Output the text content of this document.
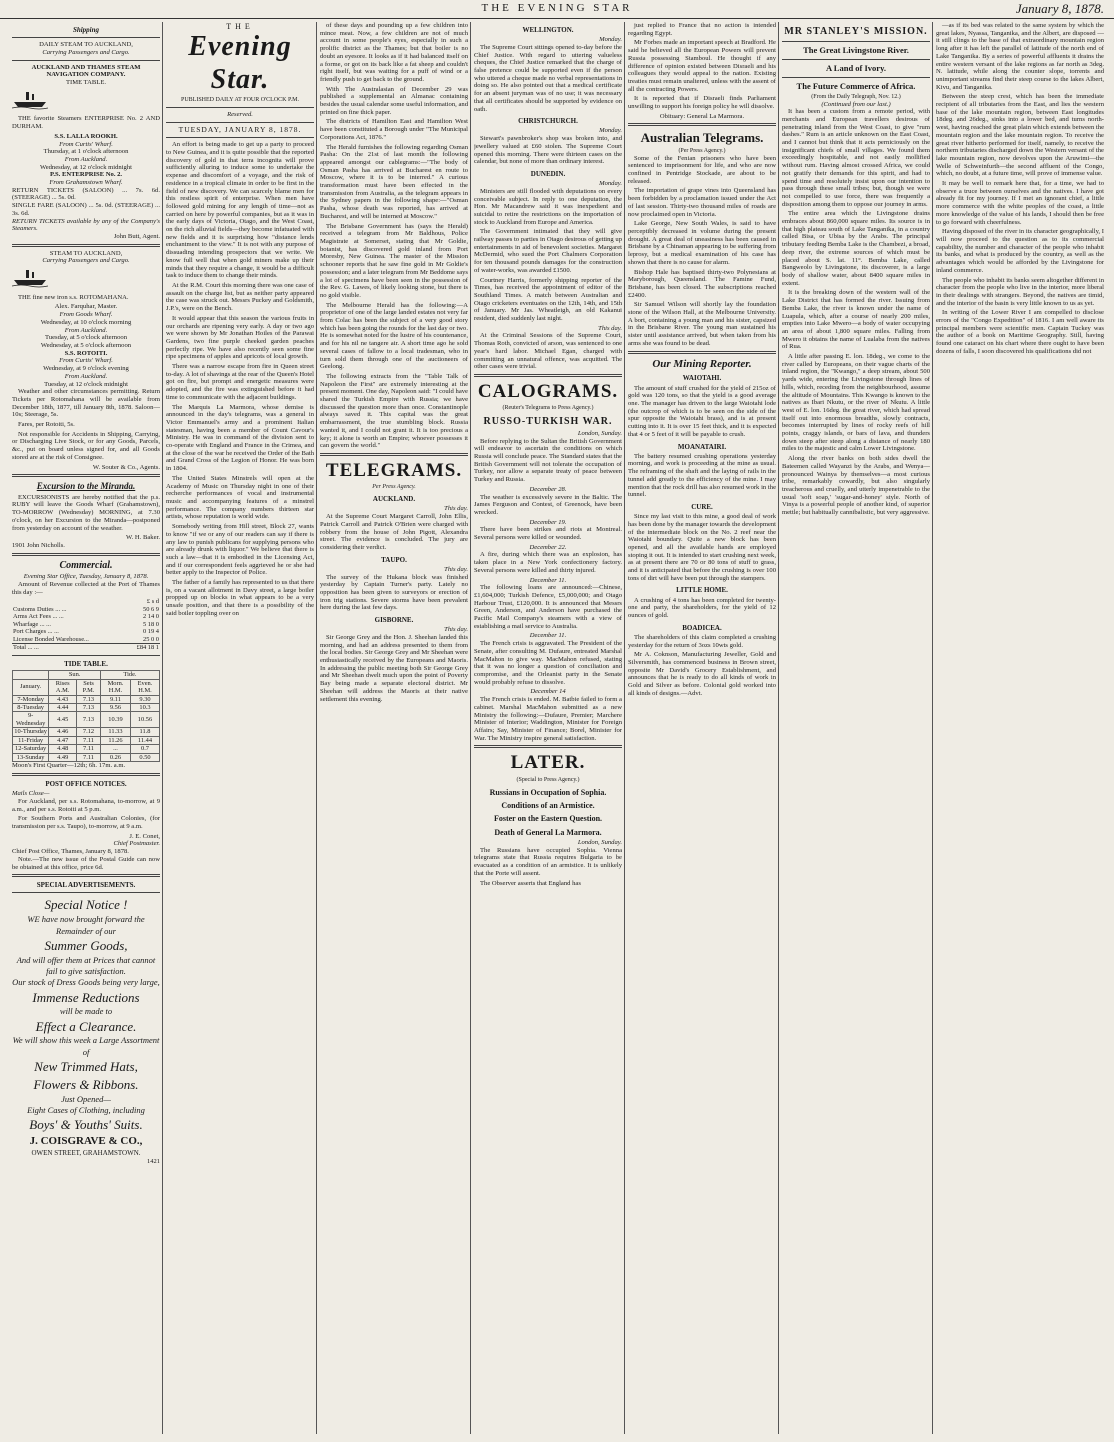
THE EVENING STAR	January 8, 1878.
Shipping
DAILY STEAM TO AUCKLAND,
Carrying Passengers and Cargo.
AUCKLAND AND THAMES STEAM NAVIGATION COMPANY.
TIME TABLE.

THE favorite Steamers ENTERPRISE No. 2 AND DURHAM.

S.S. LALLA ROOKH.
From Curtis' Wharf.
Thursday, at 1 o'clock afternoon
From Auckland.
Wednesday, at 12 o'clock midnight
P.S. ENTERPRISE No. 2.
From Grahamstown Wharf.
RETURN TICKETS (SALOON) ... 7s. 6d. (STEERAGE) ... 5s. 0d.
SINGLE FARE (SALOON) ... 5s. 0d. (STEERAGE) ... 3s. 6d.
RETURN TICKETS available by any of the Company's Steamers.
John Butt, Agent.
STEAM TO AUCKLAND,
Carrying Passengers and Cargo.

THE fine new iron s.s. ROTOMAHANA.

Alex. Farquhar, Master.
From Goods Wharf.
Wednesday, at 10 o'clock morning
From Auckland.
Tuesday, at 5 o'clock afternoon
Wednesday, at 5 o'clock afternoon
S.S. ROTOITI.
From Curtis' Wharf.
Wednesday, at 9 o'clock evening
From Auckland.
Tuesday, at 12 o'clock midnight

Weather and other circumstances permitting. Return Tickets per Rotomahana will be available from December 18th, 1877, till January 8th, 1878. Saloon—10s; Steerage, 5s.

Fares, per Rotoiti, 5s.

Not responsible for Accidents in Shipping, Carrying, or Discharging Live Stock, or for any Goods, Parcels, &c., put on board unless signed for, and all Goods stored are at the risk of Consignee.

W. Souter & Co., Agents.
Excursion to the Miranda.

EXCURSIONISTS are hereby notified that the p.s. RUBY will leave the Goods Wharf (Grahamstown), TO-MORROW (Wednesday) MORNING, at 7.30 o'clock, on her Excursion to the Miranda—postponed from yesterday on account of the weather.

W. H. Baker.
1901 John Nicholls.
Commercial.
Evening Star Office, Tuesday, January 8, 1878.

Amount of Revenue collected at the Port of Thames this day :—

	£ s d
Customs Duties ... ...	50 6 9
Arms Act Fees ... ...	2 14 0
Wharfage ... ...	5 18 0
Port Charges ... ...	0 19 4
License Bonded Warehouse...	25 0 0
Total ... ...	£84 18 1
TIDE TABLE.
	Sun.		Tide.	
January.	Rises A.M.	Sets P.M.	Morn. H.M.	Even. H.M.
7-Monday	4.43	7.13	9.11	9.30
8-Tuesday	4.44	7.13	9.56	10.3
9-Wednesday	4.45	7.13	10.39	10.56
10-Thursday	4.46	7.12	11.33	11.8
11-Friday	4.47	7.11	11.26	11.44
12-Saturday	4.48	7.11	...	0.7
13-Sunday	4.49	7.11	0.26	0.50
Moon's First Quarter—12th; 6h. 17m. a.m.
POST OFFICE NOTICES.
Mails Close—

For Auckland, per s.s. Rotomahana, to-morrow, at 9 a.m., and per s.s. Rotoiti at 5 p.m.

For Southern Ports and Australian Colonies, (for transmission per s.s. Taupo), to-morrow, at 9 a.m.

J. E. Conet,
Chief Postmaster.
Chief Post Office, Thames, January 8, 1878.

Note.—The new issue of the Postal Guide can now be obtained at this office, price 6d.

SPECIAL ADVERTISEMENTS.
Special Notice !
WE have now brought forward the Remainder of our
Summer Goods,
And will offer them at Prices that cannot fail to give satisfaction.
Our stock of Dress Goods being very large,
Immense Reductions
will be made to
Effect a Clearance.
We will show this week a Large Assortment of
New Trimmed Hats, Flowers & Ribbons.
Just Opened—
Eight Cases of Clothing, including
Boys' & Youths' Suits.
J. COISGRAVE & CO.,
OWEN STREET, GRAHAMSTOWN.
1421
THE
Evening Star.
PUBLISHED DAILY AT FOUR O'CLOCK P.M.
Reserved.
TUESDAY, JANUARY 8, 1878.

An effort is being made to get up a party to proceed to New Guinea, and it is quite possible that the reported discovery of gold in that terra incognita will prove sufficiently alluring to induce some to undertake the expense and discomfort of a voyage, and the risk of residence in a tropical climate in order to be first in the field of new discovery. We can scarcely blame men for this restless spirit of enterprise. When men have followed gold mining for any length of time—not as carried on here by powerful companies, but as it was in the early days of Victoria, Otago, and the West Coast, on the rich alluvial fields—they become infatuated with new fields and it is surprising how "distance lends enchantment to the view." It is not with any purpose of dissuading intending prospectors that we write. We know full well that when gold miners make up their minds that they require a change, it would be a difficult task to induce them to change their minds.

At the R.M. Court this morning there was one case of assault on the charge list, but as neither party appeared the case was struck out. Messrs Puckey and Goldsmith, J.P.'s, were on the Bench.

It would appear that this season the various fruits in our orchards are ripening very early. A day or two ago we were shown by Mr Jonathan Hoiles of the Parawai Gardens, two fine purple cheeked garden peaches perfectly ripe. We have also recently seen some fine ripe specimens of apples and apricots of local growth.

There was a narrow escape from fire in Queen street to-day. A lot of shavings at the rear of the Queen's Hotel got on fire, but prompt and energetic measures were adopted, and the fire was extinguished before it had time to communicate with the adjacent buildings.

The Marquis La Marmora, whose demise is announced in the day's telegrams, was a general in Victor Emmanuel's army and a prominent Italian statesman, having been a member of Count Cavour's Ministry. He was in command of the division sent to co-operate with England and France in the Crimea, and at the close of the war he received the Order of the Bath and Grand Cross of the Legion of Honor. He was born in 1804.

The United States Minstrels will open at the Academy of Music on Thursday night in one of their recherche performances of vocal and instrumental music and accompanying features of a minstrel performance. The company numbers thirteen star artists, whose reputation is world wide.

Somebody writing from Hill street, Block 27, wants to know "if we or any of our readers can say if there is any law to punish publicans for supplying persons who are already drunk with liquor." We believe that there is such a law—that it is embodied in the Licensing Act, and if our correspondent feels aggrieved he or she had better apply to the Inspector of Police.

The father of a family has represented to us that there is, on a vacant allotment in Davy street, a large boiler propped up on blocks in what appears to be a very unsafe position, and that there is a possibility of the said boiler toppling over on

of these days and pounding up a few children into mince meat. Now, a few children are not of much account in some people's eyes, especially in such a prolific district as the Thames; but that boiler is no doubt an eyesore. It looks as if it had balanced itself on a forme, or got on its back like a fat sheep and couldn't right itself, but was waiting for a puff of wind or a friendly push to get back to the ground.

With The Australasian of December 29 was published a supplemental an Almanac containing besides the usual calendar some useful information, and printed on fine thick paper.

The districts of Hamilton East and Hamilton West have been constituted a Borough under "The Municipal Corporations Act, 1876."

The Herald furnishes the following regarding Osman Pasha: On the 21st of last month the following appeared amongst our cablegrams:—"The body of Osman Pasha has arrived at Bucharest en route to Moscow, where it is to be interred." A curious transformation must have been effected in the transmission from Australia, as the telegram appears in the Sydney papers in the following shape:—"Osman Pasha, whose death was reported, has arrived at Bucharest, and will be interned at Moscow."

The Brisbane Government has (says the Herald) received a telegram from Mr Baldhous, Police Magistrate at Somerset, stating that Mr Goldie, botanist, has discovered gold inland from Port Moresby, New Guinea. The master of the Mission schooner reports that he saw fine gold in Mr Goldie's possession; and a later telegram from Mr Beddome says a lot of specimens have been seen in the possession of the Rev. G. Lawes, of likely looking stone, but there is no gold visible.

The Melbourne Herald has the following:—A proprietor of one of the large landed estates not very far from Colac has been the subject of a very good story which has been going the rounds for the last day or two. He is somewhat noted for the lustre of his countenance, and for his nil ne tangere air. A short time ago he sold several cases of fallow to a local tradesman, who in turn sold them through one of the auctioneers of Geelong.

The following extracts from the "Table Talk of Napoleon the First" are extremely interesting at the present moment. One day, Napoleon said: "I could have shared the Turkish Empire with Russia; we have discussed the question more than once. Constantinople always saved it. This capital was the great embarrassment, the true stumbling block. Russia wanted it, and I could not grant it. It is too precious a key; it alone is worth an Empire; whoever possesses it can govern the world."

TELEGRAMS.
Per Press Agency.
AUCKLAND.
This day.

At the Supreme Court Margaret Carroll, John Ellis, Patrick Carroll and Patrick O'Brien were charged with robbery from the house of John Pigott, Alexandra street. The evidence is concluded. The jury are considering their verdict.

TAUPO.
This day.

The survey of the Hukana block was finished yesterday by Captain Turner's party. Lately no opposition has been given to surveyors or erection of iron trig stations. Severe storms have been prevalent here during the last few days.

GISBORNE.
This day.

Sir George Grey and the Hon. J. Sheehan landed this morning, and had an address presented to them from the local bodies. Sir George Grey and Mr Sheehan were enthusiastically received by the Europeans and Maoris. In addressing the public meeting both Sir George Grey and Mr Sheehan dwelt much upon the point of Poverty Bay being made a separate electoral district. Mr Sheehan will address the Maoris at their native settlement this evening.

WELLINGTON.
Monday.

The Supreme Court sittings opened to-day before the Chief Justice. With regard to uttering valueless cheques, the Chief Justice remarked that the charge of false pretence could be supported even if the person who uttered a cheque made no verbal representations in doing so. He also pointed out that a medical certificate for an absent juryman was of no use; it was necessary that all certificates should be supported by evidence on oath.

CHRISTCHURCH.
Monday.

Stewart's pawnbroker's shop was broken into, and jewellery valued at £60 stolen. The Supreme Court opened this morning. There were thirteen cases on the calendar, but none of more than ordinary interest.

DUNEDIN.
Monday.

Ministers are still flooded with deputations on every conceivable subject. In reply to one deputation, the Hon. Mr Macandrew said it was inexpedient and suicidal to retire the restrictions on the importation of stock to Auckland from Europe and America.

The Government intimated that they will give railway passes to parties in Otago desirous of getting up entertainments in aid of benevolent societies. Margaret McDermid, who sued the Port Chalmers Corporation for ten thousand pounds damages for the construction of water-works, was awarded £1500.

Courtney Harris, formerly shipping reporter of the Times, has received the appointment of editor of the Southland Times. A match between Australian and Otago cricketers eventuates on the 12th, 14th, and 15th of January. Mr Jas. Wheatleigh, an old Kakanui resident, died suddenly last night.

This day.

At the Criminal Sessions of the Supreme Court, Thomas Roth, convicted of arson, was sentenced to one year's hard labor. Michael Egan, charged with committing an unnatural offence, was acquitted. The other cases were trivial.

CALOGRAMS.
(Reuter's Telegrams to Press Agency.)
RUSSO-TURKISH WAR.
London, Sunday.

Before replying to the Sultan the British Government will endeavor to ascertain the conditions on which Russia will conclude peace. The Standard states that the British Government will not tolerate the occupation of Turkey, nor allow a separate treaty of peace between Turkey and Russia.

December 28.

The weather is excessively severe in the Baltic. The James Ferguson and Contest, of Greenock, have been wrecked.

December 19.

There have been strikes and riots at Montreal. Several persons were killed or wounded.

December 22.

A fire, during which there was an explosion, has taken place in a New York confectionery factory. Several persons were killed and thirty injured.

December 11.

The following loans are announced:—Chinese, £1,604,000; Turkish Defence, £5,000,000; and Otago Harbour Trust, £120,000. It is announced that Messrs Green, Anderson, and Anderson have purchased the Pacific Mail Company's steamers with a view of establishing a mail service to Australia.

December 11.

The French crisis is aggravated. The President of the Senate, after consulting M. Dufaure, entreated Marshal MacMahon to give way. MacMahon refused, stating that it was no longer a question of conciliation and compromise, and the Orleanist party in the Senate would probably refuse to dissolve.

December 14

The French crisis is ended. M. Batbie failed to form a cabinet. Marshal MacMahon submitted as a new Ministry the following:—Dufaure, Premier; Marchere Minister of Interior; Waddington, Minister for Foreign Affairs; Say, Minister of Finance; Borel, Minister for War. The Ministry inspire general satisfaction.

LATER.
(Special to Press Agency.)
Russians in Occupation of Sophia.
Conditions of an Armistice.
Foster on the Eastern Question.
Death of General La Marmora.
London, Sunday.

The Russians have occupied Sophia. Vienna telegrams state that Russia requires Bulgaria to be evacuated as a condition of an armistice. It is unlikely that the Porte will assent.

The Observer asserts that England has

just replied to France that no action is intended regarding Egypt.

Mr Forbes made an important speech at Bradford. He said he believed all the European Powers will prevent Russia possessing Stamboul. He thought if any difference of opinion existed between Disraeli and his colleagues they would appeal to the nation. Existing treaties must remain unaltered, unless with the assent of all the contracting Powers.

It is reported that if Disraeli finds Parliament unwilling to support his foreign policy he will dissolve.

Obituary: General La Marmora.
Australian Telegrams.
(Per Press Agency.)

Some of the Fenian prisoners who have been sentenced to imprisonment for life, and who are now confined in Pentridge Stockade, are about to be released.

The importation of grape vines into Queensland has been forbidden by a proclamation issued under the Act of last session. Thirty-two thousand miles of roads are now proclaimed open in Victoria.

Lake George, New South Wales, is said to have perceptibly decreased in volume during the present drought. A great deal of uneasiness has been caused in Brisbane by a Chinaman appearing to be suffering from leprosy, but a medical examination of his case has shown that there is no cause for alarm.

Bishop Hale has baptised thirty-two Polynesians at Maryborough, Queensland. The Famine Fund, Brisbane, has been closed. The subscriptions reached £2400.

Sir Samuel Wilson will shortly lay the foundation stone of the Wilson Hall, at the Melbourne University. A bort, containing a young man and his sister, capsized in the Brisbane River. The young man sustained his sister until assistance arrived, but when taken from his arms she was found to be dead.

Our Mining Reporter.
WAIOTAHI.

The amount of stuff crushed for the yield of 215oz of gold was 120 tons, so that the yield is a good average one. The manager has driven to the large Waiotahi lode (the outcrop of which is to be seen on the side of the spur opposite the Waiotahi brass), and is at present cutting into it. It is over 15 feet thick, and it is expected that 4 or 5 feet of it will be payable to crush.

MOANATAIRI.

The battery resumed crushing operations yesterday morning, and work is proceeding at the mine as usual. The reframing of the shaft and the laying of rails in the tunnel add greatly to the efficiency of the mine. I may mention that the rock drill has also resumed work in the tunnel.

CURE.

Since my last visit to this mine, a good deal of work has been done by the manager towards the development of the intermediate block on the No. 2 reef near the Waiotahi boundary. Quite a new block has been opened, and all the available hands are employed stoping it out. It is intended to start crushing next week, as at present there are 70 or 80 tons of stuff to grass, and it is anticipated that before the crushing is over 100 tons of dirt will have been put through the stampers.

LITTLE HOME.

A crushing of 4 tons has been completed for twenty-one and party, the shareholders, for the yield of 12 ounces of gold.

BOADICEA.

The shareholders of this claim completed a crushing yesterday for the return of 3ozs 10wts gold.

Mr A. Coknson, Manufacturing Jeweller, Gold and Silversmith, has commenced business in Brown street, opposite Mr David's Grocery Establishment, and announces that he is ready to do all kinds of work in Gold and Silver as before. Colonial gold worked into all kinds of designs.—Advt.

MR STANLEY'S MISSION.
The Great Livingstone River.
A Land of Ivory.
The Future Commerce of Africa.
(From the Daily Telegraph, Nov. 12.)
(Continued from our last.)

It has been a custom from a remote period, with merchants and European travellers desirous of penetrating inland from the West Coast, to give "rum dashes." Rum is an article unknown on the East Coast, and I cannot but think that it acts perniciously on the insignificant chiefs of small villages. We found them exceedingly hospitable, and not easily mollified without rum. Having almost crossed Africa, we could not gratify their demands for this spirit, and had to spend time and resolutely insist upon our intention to pass through these small tribes; but, though we were not compelled to use force, there was frequently a disposition among them to oppose our journey in arms.

The entire area which the Livingstone drains embraces about 860,000 square miles. Its source is in that high plateau south of Lake Tanganika, in a country called Bisa, or Ubisa by the Arabs. The principal tributary feeding Bemba Lake is the Chambezi, a broad, deep river, the extreme sources of which must be placed about S. lat. 11°. Bemba Lake, called Bangweolo by Livingstone, its discoverer, is a large body of shallow water, about 8400 square miles in extent.

It is the breaking down of the western wall of the Lake District that has formed the river. Issuing from Bemba Lake, the river is known under the name of Luapula, which, after a course of nearly 200 miles, empties into Lake Mwero—a body of water occupying an area of about 1,800 square miles. Falling from Mwero it obtains the name of Lualaba from the natives of Rua.

A little after passing E. lon. 18deg., we come to the river called by Europeans, on their vague charts of the inland region, the "Kwango," a deep stream, about 500 yards wide, entering the Livingstone through lines of hills, which, receding from the neighbourhood, assume the altitude of Mountains. This Kwango is known to the natives as Ibari Nkutu, or the river of Nkutu. A little west of E. lon. 16deg. the great river, which had spread itself out into enormous breadths, slowly contracts, becomes interrupted by lines of rocky reefs of hill points, craggy islands, or bars of lava, and thunders down steep after steep along a distance of nearly 180 miles to the majestic and calm Lower Livingstone.

Along the river banks on both sides dwell the Bateemen called Wayanzi by the Arabs, and Wenya—pronounced Wainya by themselves—a most curious tribe, remarkably cowardly, but also singularly treacherous and cruelly, and utterly impenetrable to the usual 'soft soap,' 'sugar-and-honey' style. North of Vinya is a powerful people of another kind, of superior mettle; but habitually cannibalistic, but very aggressive.

—as if its bed was related to the same system by which the great lakes, Nyassa, Tanganika, and the Albert, are disposed —it still clings to the base of that extraordinary mountain region long after it has left the parallel of latitude of the north end of Lake Tanganika. By a series of powerful affluents it drains the entire western versant of the lake regions as far north as 3deg. N. latitude, while along the counter slope, torrents and unimportant streams find their steep course to the lakes Albert, Kivu, and Tanganika.

Between the steep crest, which has been the immediate recipient of all tributaries from the East, and lies the western base of the lake mountain region, between East longitudes 18deg. and 26deg., sinks into a lower bed, and turns north-west, having reached the great plain which extends between the mountain region and the lake mountain region. To receive the great river hitherto performed for itself, namely, to receive the northern tributaries discharged down the Western versant of the lake mountain region, now devolves upon the Aruwimi—the Welle of Schweinfurth—the second affluent of the Congo, which, no doubt, at a future time, will prove of immense value.

It may be well to remark here that, for a time, we had to observe a truce between ourselves and the natives. I have got already fit for my journey. If I met an ignorant chief, a little more commerce with the white peoples of the coast, a little more knowledge of the value of his lands, I should then be free to go forward with cheerfulness.

Having disposed of the river in its character geographically, I will now proceed to the question as to its commercial capability, the number and character of the people who inhabit its banks, and what is produced by the country, as well as the advantages which would be afforded by the Livingstone for inland commerce.

The people who inhabit its banks seem altogether different in character from the people who live in the interior, more liberal in their dealings with strangers. Beyond, the natives are timid, and the interior of the basin is very little known to us as yet.

In writing of the Lower River I am compelled to disclose errors of the "Congo Expedition" of 1816. I am well aware its principal members were scientific men. Captain Tuckey was the author of a book on Maritime Geography. Still, having found one cataract on his chart where there ought to have been dozens of falls, I soon discovered his qualifications did not
